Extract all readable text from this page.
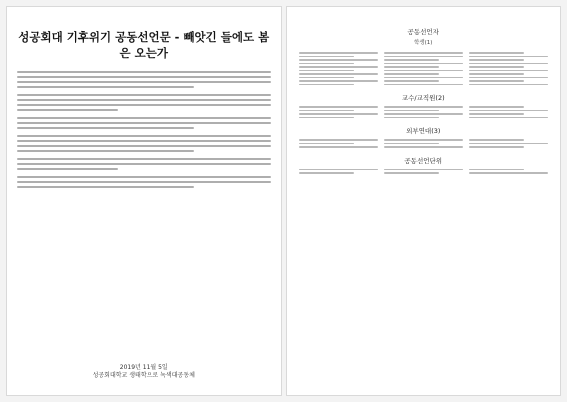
성공회대 기후위기 공동선언문 - 빼앗긴 들에도 봄은 오는가
2019년 11월 5일
성공회대학교 생태학으로 녹색대공동체
공동선언자
학생(1)
교수/교직원(2)
외부연대(3)
공동선언단위
